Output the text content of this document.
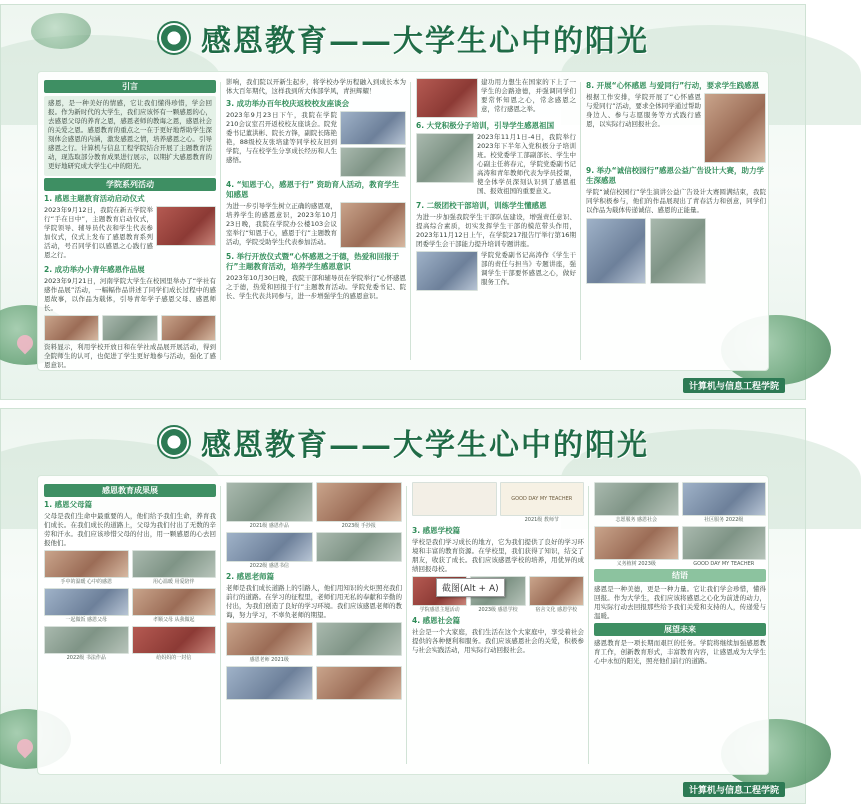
感恩教育——大学生心中的阳光
引言

感恩，是一种美好的情感，它让我们懂得珍惜，学会回报。作为新时代的大学生，我们应该怀有一颗感恩的心，去感恩父母的养育之恩，感恩老师的教诲之恩，感恩社会的关爱之恩。感恩教育的重点之一在于更好地帮助学生深刻体会感恩的内涵，激发感恩之情，培养感恩之心。引导感恩之行。计算机与信息工程学院结合开展了主题教育活动，现选取部分教育成果进行展示，以期扩大感恩教育的更好地研究成大学生心中的阳光。

学院系列活动
1. 感恩主题教育活动启动仪式

2023年9月12日，我院在新五学院举行“手在日中”，主题教育启动仪式，学院领导、辅导员代表和学生代表参加仪式，仪式上发布了感恩教育系列活动，号召同学们以感恩之心践行感恩之行。

2. 成功举办小青年感恩作品展

2023年9月21日，河南学院大学生在校园里举办了“学社有感作品展”活动，一幅幅作品讲述了同学们成长过程中的感恩故事，以作品为载体，引导青年学子感恩父母、感恩师长。

资料显示，利用学校开放日和在学社成品展开展活动，得到全院师生的认可，也促进了学生更好地参与活动，强化了感恩意识。

影响，我们院以开新生起步，将学校办学历程融入到成长本为体大百年期代，这样我到所大体部学风，青担辉耀！

3. 成功举办百年校庆返校校友座谈会

2023年9月23日下午，我院在学院210会议室召开返校校友座谈会。院党委书记董洪彬、院长方锋，副院长陈艳艳，88级校友张培建等同学校友回到学院，与在校学生分享成长经历和人生感悟。

4. “知恩于心，感恩于行” 资助育人活动，教育学生知感恩

为进一步引导学生树立正确的感恩观，培养学生的感恩意识，2023年10月23日晚，我院在学院办公楼103会议室举行“知恩于心，感恩于行”主题教育活动，学院受助学生代表参加活动。

5. 举行开放仪式暨“心怀感恩之于德，热爱和回报于行”主题教育活动，培养学生感恩意识

2023年10月30日晚，我院干部和辅导员在学院举行“心怀感恩之于德，热爱和回报于行”主题教育活动。学院党委书记、院长、学生代表共同参与，进一步增强学生的感恩意识。

建功用力想生在国家的下上了一学生的会路途德，并强调同学们要常怀知恩之心，常念感恩之意，常行感恩之举。

6. 大党积极分子培训，引导学生感恩祖国

2023年11月1日-4日，我院举行2023年下半年入党积极分子培训班。校党委学工部副部长、学生中心副主任蒋春元，学院党委副书记高涛和青年教师代表为学员授课，使全体学员深刻认识到了感恩祖国、报效祖国的重要意义。

7. 二级团校干部培训，训练学生懂感恩

为进一步加强我院学生干部队伍建设，增强责任意识、提高综合素质，切实发挥学生干部的模范带头作用，2023年11月12日上午，在学院217报告厅举行第16期团委学生会干部能力提升培训专题讲座。

学院党委副书记高涛作《学生干部的责任与担当》专题讲座，强调学生干部要怀感恩之心，做好服务工作。

8. 开展“心怀感恩 与爱同行”行动，要求学生践感恩

根据工作安排，学院开展了“心怀感恩 与爱同行”活动，要求全体同学通过帮助身边人、参与志愿服务等方式践行感恩，以实际行动回报社会。

9. 举办“诚信校园行”感恩公益广告设计大赛，助力学生深感恩

学院“诚信校园行”学生演讲公益广告设计大赛圆满结束，我院同学积极参与，他们的作品展现出了青春活力和创意，同学们以作品为载体传递诚信、感恩的正能量。

计算机与信息工程学院
感恩教育——大学生心中的阳光
感恩教育成果展
1. 感恩父母篇

父母是我们生命中最重要的人，他们给予我们生命，养育我们成长。在我们成长的道路上，父母为我们付出了无数的辛劳和汗水。我们应该珍惜父母的付出，用一颗感恩的心去回报他们。

手中的温暖 心中的感恩	用心温暖 用爱陪伴
一起做饭 感恩父母	孝顺父母 从我做起
2022级 书法作品	给妈妈的一封信
2021级 感恩作品	2023级 手抄报
2022级 感恩书信
2. 感恩老师篇

老师是我们成长道路上的引路人，他们用知识的火炬照亮我们前行的道路。在学习的征程里，老师们用无私的奉献和辛勤的付出，为我们创造了良好的学习环境。我们应该感恩老师的教诲，努力学习，不辜负老师的期望。

感恩老师 2021级
GOOD DAY MY TEACHER
2021级 教师节
3. 感恩学校篇

学校是我们学习成长的地方，它为我们提供了良好的学习环境和丰富的教育资源。在学校里，我们获得了知识，结交了朋友，收获了成长。我们应该感恩学校的培养，用优异的成绩回报母校。

学院感恩主题活动	2023级 感恩学校	宿舍文化 感恩学校
4. 感恩社会篇

社会是一个大家庭，我们生活在这个大家庭中，享受着社会提供的各种便利和服务。我们应该感恩社会的关爱，积极参与社会实践活动，用实际行动回报社会。

志愿服务 感恩社会	社区服务 2022级
义务植树 2023级	GOOD DAY MY TEACHER
结语

感恩是一种美德，更是一种力量。它让我们学会珍惜，懂得回报。作为大学生，我们应该将感恩之心化为前进的动力，用实际行动去回报那些给予我们关爱和支持的人，传递爱与温暖。

展望未来

感恩教育是一项长期而艰巨的任务。学院将继续加强感恩教育工作，创新教育形式，丰富教育内容，让感恩成为大学生心中永恒的阳光，照亮他们前行的道路。

计算机与信息工程学院
截图(Alt + A)
